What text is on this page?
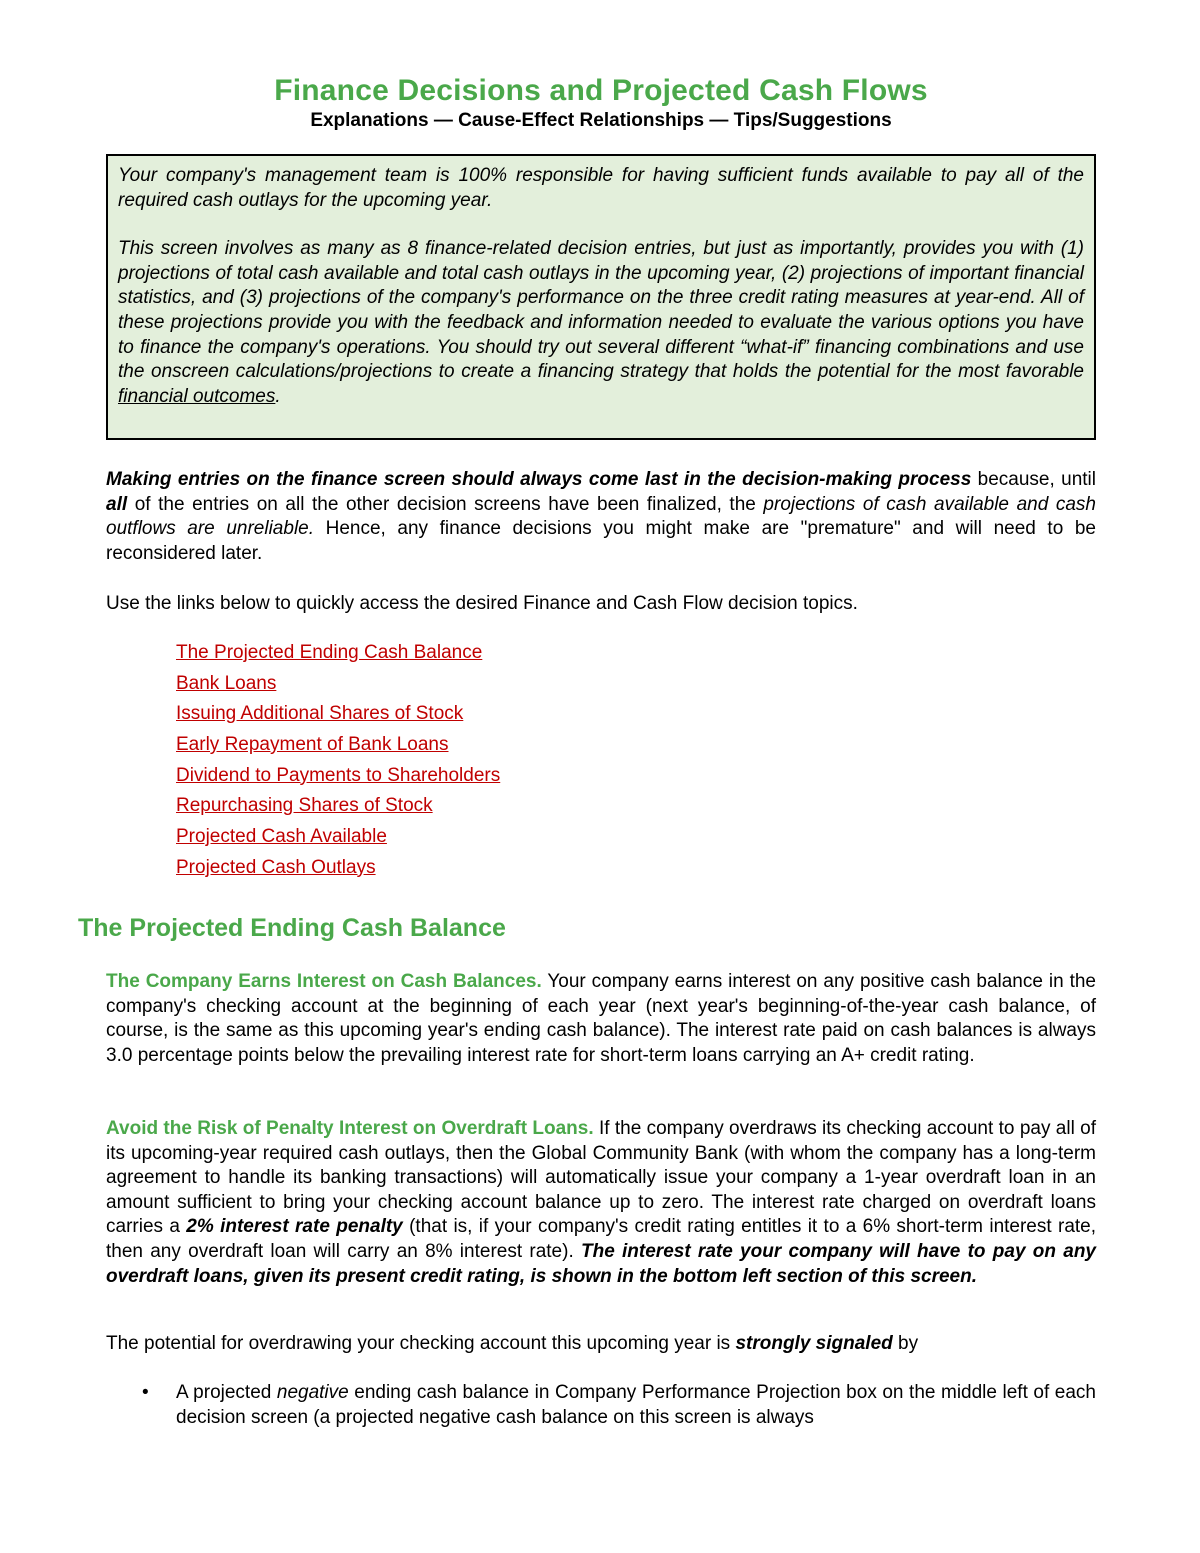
Finance Decisions and Projected Cash Flows
Explanations — Cause-Effect Relationships — Tips/Suggestions

Your company's management team is 100% responsible for having sufficient funds available to pay all of the required cash outlays for the upcoming year.

This screen involves as many as 8 finance-related decision entries, but just as importantly, provides you with (1) projections of total cash available and total cash outlays in the upcoming year, (2) projections of important financial statistics, and (3) projections of the company's performance on the three credit rating measures at year-end. All of these projections provide you with the feedback and information needed to evaluate the various options you have to finance the company's operations. You should try out several different “what-if” financing combinations and use the onscreen calculations/projections to create a financing strategy that holds the potential for the most favorable financial outcomes.

Making entries on the finance screen should always come last in the decision-making process because, until all of the entries on all the other decision screens have been finalized, the projections of cash available and cash outflows are unreliable. Hence, any finance decisions you might make are "premature" and will need to be reconsidered later.

Use the links below to quickly access the desired Finance and Cash Flow decision topics.

The Projected Ending Cash Balance
Bank Loans
Issuing Additional Shares of Stock
Early Repayment of Bank Loans
Dividend to Payments to Shareholders
Repurchasing Shares of Stock
Projected Cash Available
Projected Cash Outlays
The Projected Ending Cash Balance

The Company Earns Interest on Cash Balances. Your company earns interest on any positive cash balance in the company's checking account at the beginning of each year (next year's beginning-of-the-year cash balance, of course, is the same as this upcoming year's ending cash balance). The interest rate paid on cash balances is always 3.0 percentage points below the prevailing interest rate for short-term loans carrying an A+ credit rating.

Avoid the Risk of Penalty Interest on Overdraft Loans. If the company overdraws its checking account to pay all of its upcoming-year required cash outlays, then the Global Community Bank (with whom the company has a long-term agreement to handle its banking transactions) will automatically issue your company a 1-year overdraft loan in an amount sufficient to bring your checking account balance up to zero. The interest rate charged on overdraft loans carries a 2% interest rate penalty (that is, if your company's credit rating entitles it to a 6% short-term interest rate, then any overdraft loan will carry an 8% interest rate). The interest rate your company will have to pay on any overdraft loans, given its present credit rating, is shown in the bottom left section of this screen.

The potential for overdrawing your checking account this upcoming year is strongly signaled by

• A projected negative ending cash balance in Company Performance Projection box on the middle left of each decision screen (a projected negative cash balance on this screen is always
